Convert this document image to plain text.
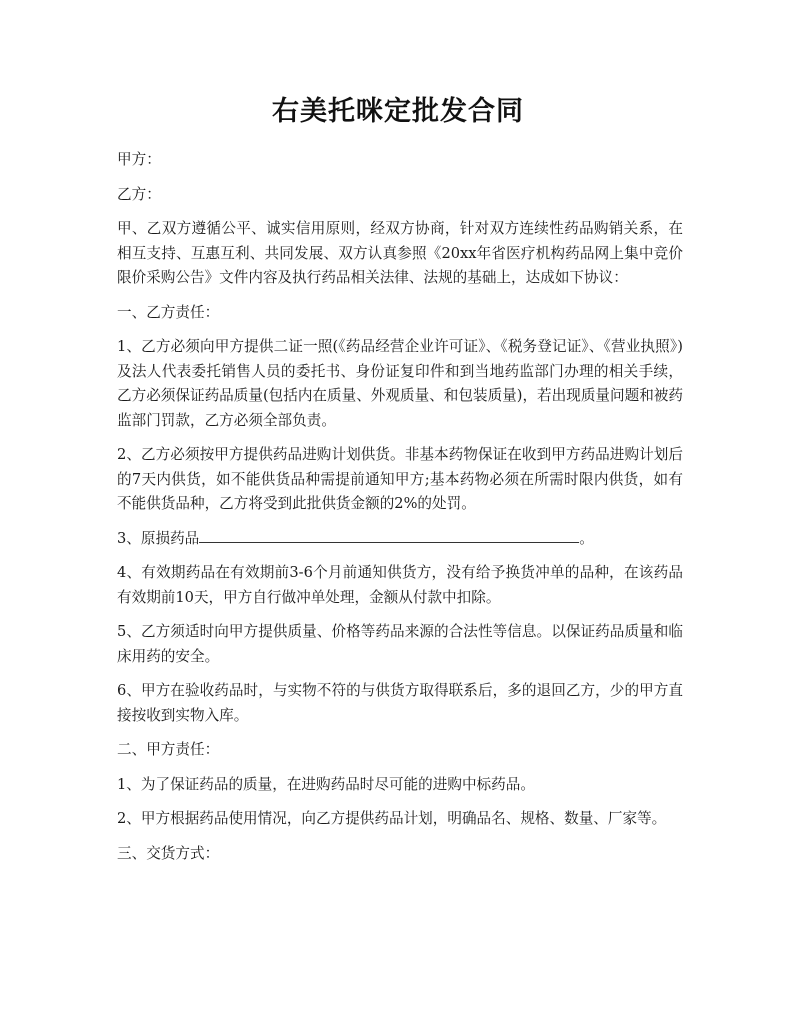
右美托咪定批发合同

甲方：

乙方：

甲、乙双方遵循公平、诚实信用原则，经双方协商，针对双方连续性药品购销关系，在相互支持、互惠互利、共同发展、双方认真参照《20xx年省医疗机构药品网上集中竞价限价采购公告》文件内容及执行药品相关法律、法规的基础上，达成如下协议：

一、乙方责任：

1、乙方必须向甲方提供二证一照(《药品经营企业许可证》、《税务登记证》、《营业执照》)及法人代表委托销售人员的委托书、身份证复印件和到当地药监部门办理的相关手续，乙方必须保证药品质量(包括内在质量、外观质量、和包装质量)，若出现质量问题和被药监部门罚款，乙方必须全部负责。

2、乙方必须按甲方提供药品进购计划供货。非基本药物保证在收到甲方药品进购计划后的7天内供货，如不能供货品种需提前通知甲方;基本药物必须在所需时限内供货，如有不能供货品种，乙方将受到此批供货金额的2%的处罚。

3、原损药品	。

4、有效期药品在有效期前3-6个月前通知供货方，没有给予换货冲单的品种，在该药品有效期前10天，甲方自行做冲单处理，金额从付款中扣除。

5、乙方须适时向甲方提供质量、价格等药品来源的合法性等信息。以保证药品质量和临床用药的安全。

6、甲方在验收药品时，与实物不符的与供货方取得联系后，多的退回乙方，少的甲方直接按收到实物入库。

二、甲方责任：

1、为了保证药品的质量，在进购药品时尽可能的进购中标药品。

2、甲方根据药品使用情况，向乙方提供药品计划，明确品名、规格、数量、厂家等。

三、交货方式：
